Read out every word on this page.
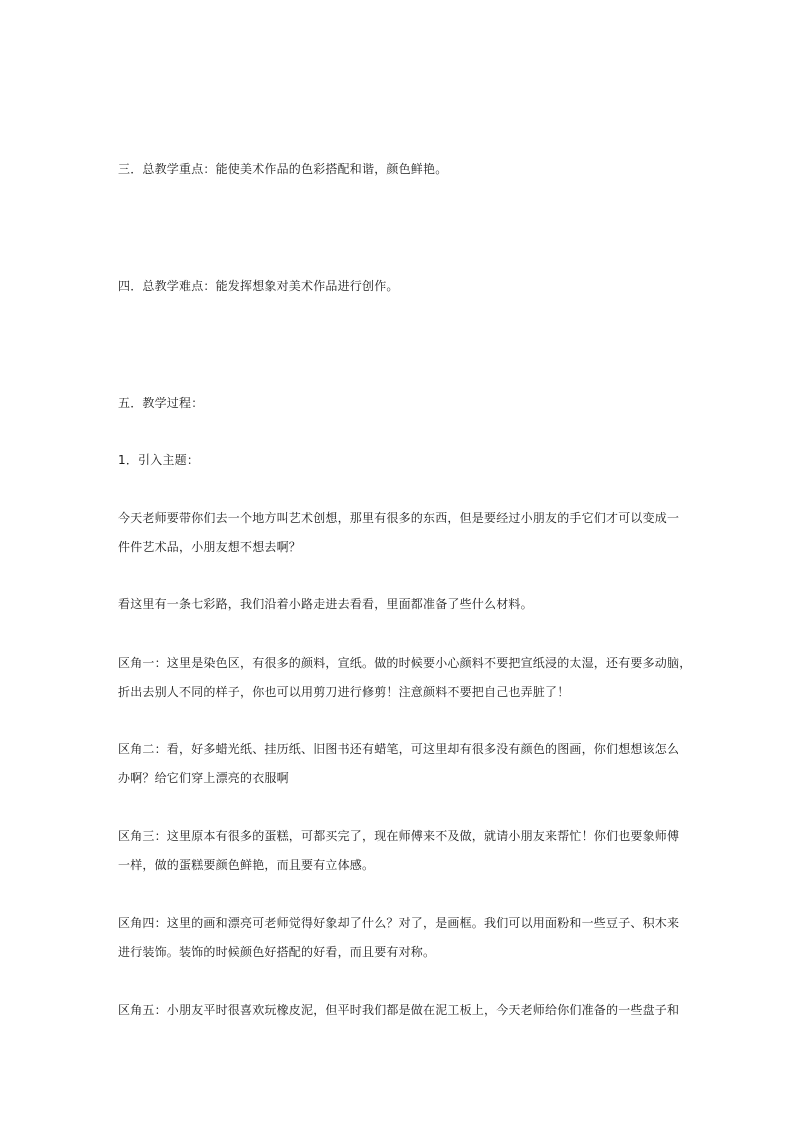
三．总教学重点：能使美术作品的色彩搭配和谐，颜色鲜艳。
四．总教学难点：能发挥想象对美术作品进行创作。
五．教学过程：
1．引入主题：
今天老师要带你们去一个地方叫艺术创想，那里有很多的东西，但是要经过小朋友的手它们才可以变成一
件件艺术品，小朋友想不想去啊？
看这里有一条七彩路，我们沿着小路走进去看看，里面都准备了些什么材料。
区角一：这里是染色区，有很多的颜料，宣纸。做的时候要小心颜料不要把宣纸浸的太湿，还有要多动脑，
折出去别人不同的样子，你也可以用剪刀进行修剪！注意颜料不要把自己也弄脏了！
区角二：看，好多蜡光纸、挂历纸、旧图书还有蜡笔，可这里却有很多没有颜色的图画，你们想想该怎么
办啊？给它们穿上漂亮的衣服啊
区角三：这里原本有很多的蛋糕，可都买完了，现在师傅来不及做，就请小朋友来帮忙！你们也要象师傅
一样，做的蛋糕要颜色鲜艳，而且要有立体感。
区角四：这里的画和漂亮可老师觉得好象却了什么？对了，是画框。我们可以用面粉和一些豆子、积木来
进行装饰。装饰的时候颜色好搭配的好看，而且要有对称。
区角五：小朋友平时很喜欢玩橡皮泥，但平时我们都是做在泥工板上，今天老师给你们准备的一些盘子和
